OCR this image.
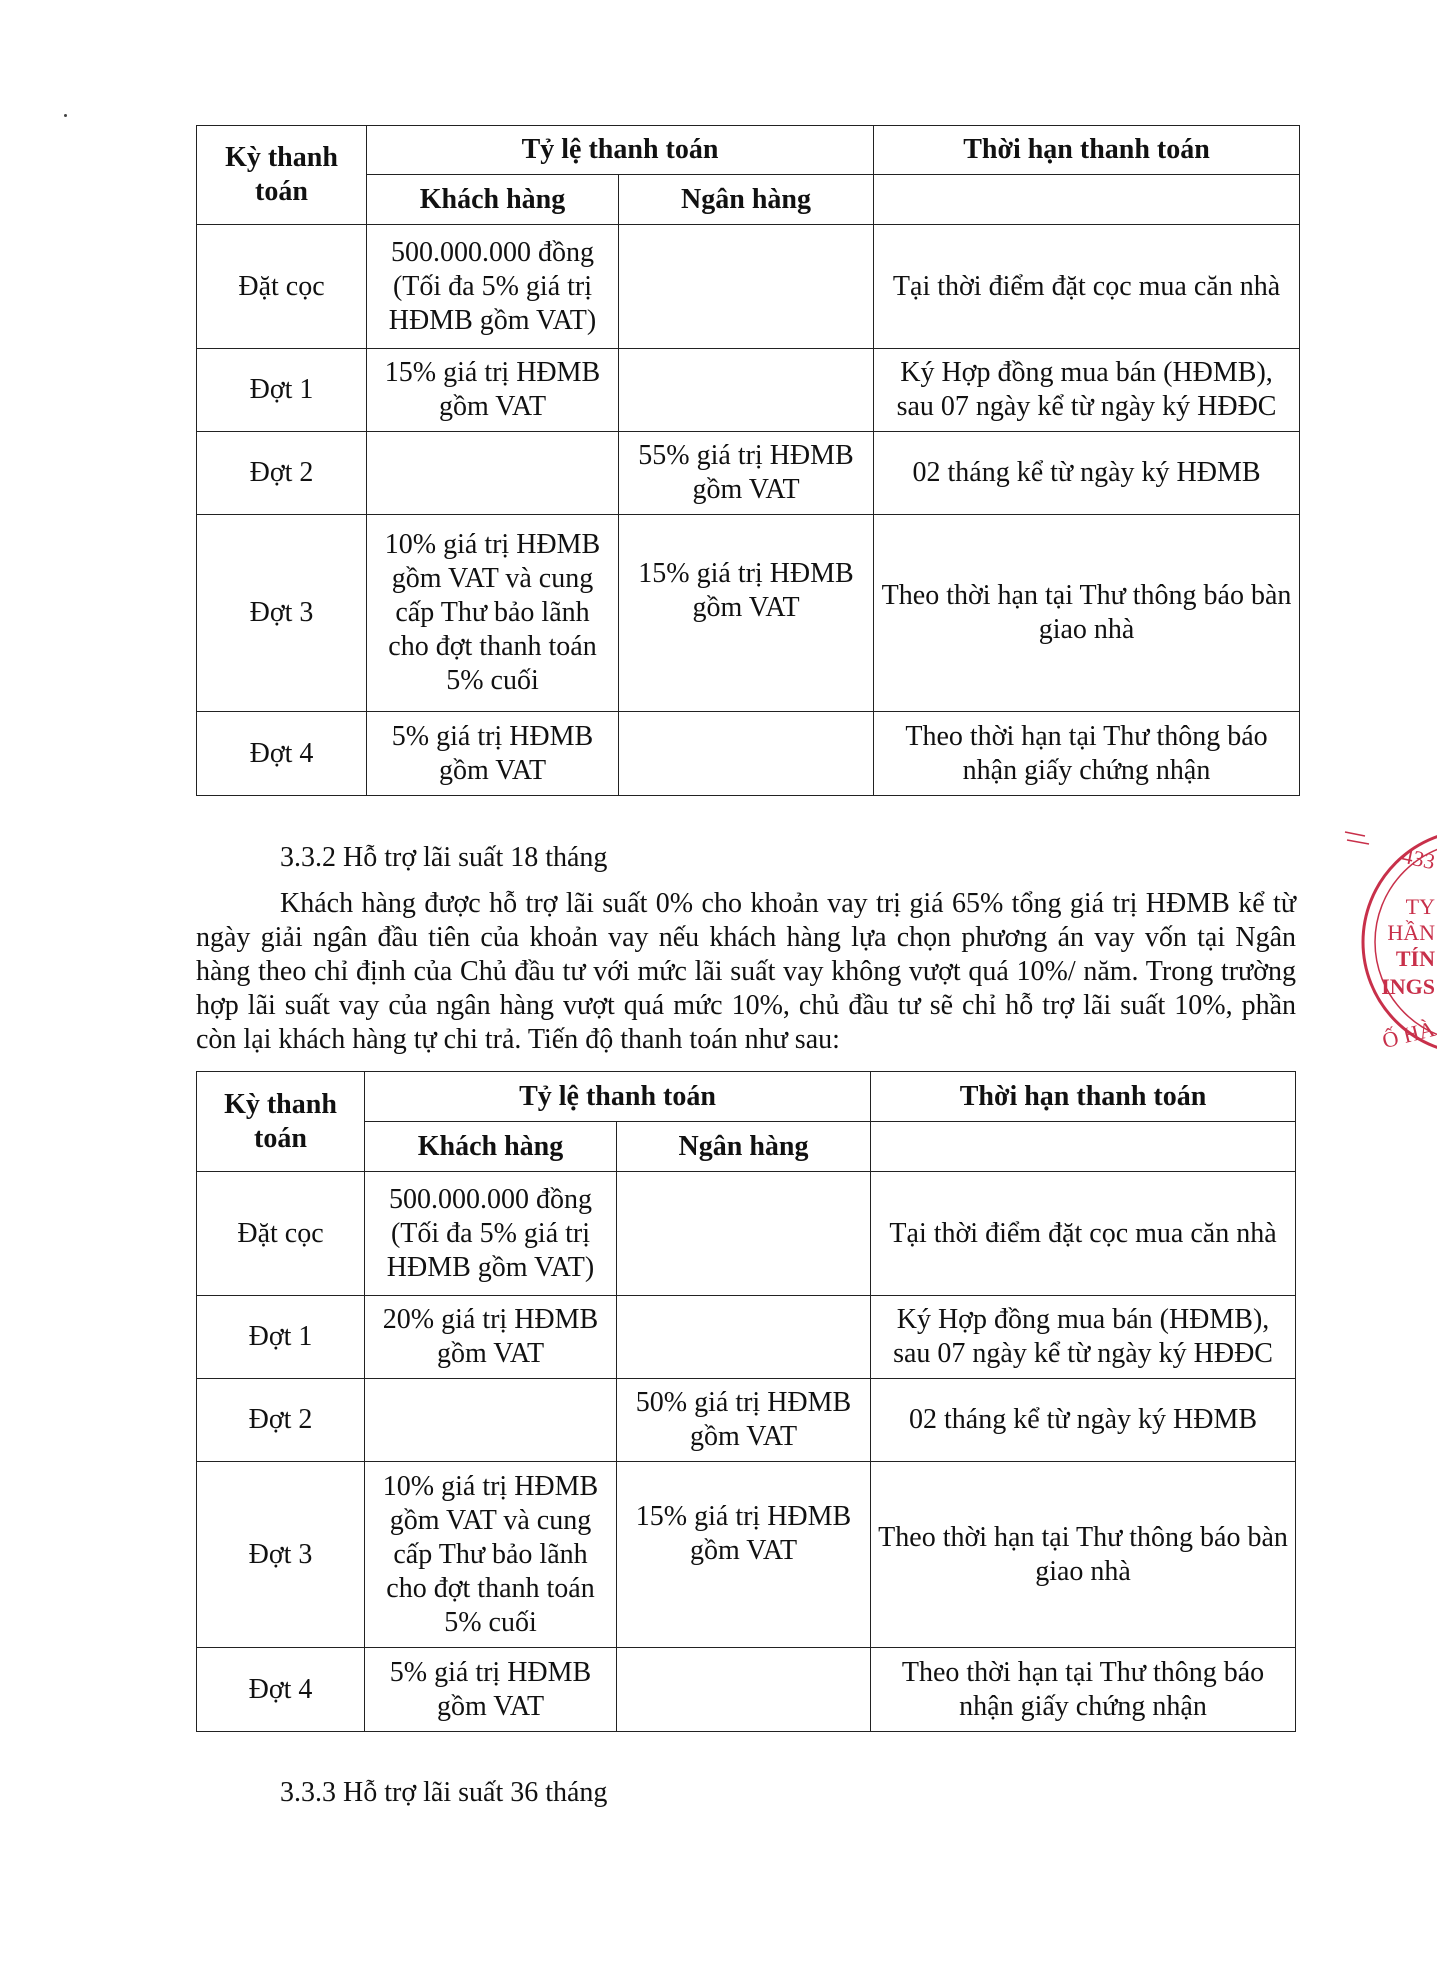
Kỳ thanh toán	Tỷ lệ thanh toán		Thời hạn thanh toán
	Khách hàng	Ngân hàng	
Đặt cọc	500.000.000 đồng (Tối đa 5% giá trị HĐMB gồm VAT)		Tại thời điểm đặt cọc mua căn nhà
Đợt 1	15% giá trị HĐMB gồm VAT		Ký Hợp đồng mua bán (HĐMB), sau 07 ngày kể từ ngày ký HĐĐC
Đợt 2		55% giá trị HĐMB gồm VAT	02 tháng kể từ ngày ký HĐMB
Đợt 3	10% giá trị HĐMB gồm VAT và cung cấp Thư bảo lãnh cho đợt thanh toán 5% cuối	15% giá trị HĐMB gồm VAT	Theo thời hạn tại Thư thông báo bàn giao nhà
Đợt 4	5% giá trị HĐMB gồm VAT		Theo thời hạn tại Thư thông báo nhận giấy chứng nhận

3.3.2 Hỗ trợ lãi suất 18 tháng

Khách hàng được hỗ trợ lãi suất 0% cho khoản vay trị giá 65% tổng giá trị HĐMB kể từ ngày giải ngân đầu tiên của khoản vay nếu khách hàng lựa chọn phương án vay vốn tại Ngân hàng theo chỉ định của Chủ đầu tư với mức lãi suất vay không vượt quá 10%/ năm. Trong trường hợp lãi suất vay của ngân hàng vượt quá mức 10%, chủ đầu tư sẽ chỉ hỗ trợ lãi suất 10%, phần còn lại khách hàng tự chi trả. Tiến độ thanh toán như sau:

Kỳ thanh toán	Tỷ lệ thanh toán		Thời hạn thanh toán
	Khách hàng	Ngân hàng	
Đặt cọc	500.000.000 đồng (Tối đa 5% giá trị HĐMB gồm VAT)		Tại thời điểm đặt cọc mua căn nhà
Đợt 1	20% giá trị HĐMB gồm VAT		Ký Hợp đồng mua bán (HĐMB), sau 07 ngày kể từ ngày ký HĐĐC
Đợt 2		50% giá trị HĐMB gồm VAT	02 tháng kể từ ngày ký HĐMB
Đợt 3	10% giá trị HĐMB gồm VAT và cung cấp Thư bảo lãnh cho đợt thanh toán 5% cuối	15% giá trị HĐMB gồm VAT	Theo thời hạn tại Thư thông báo bàn giao nhà
Đợt 4	5% giá trị HĐMB gồm VAT		Theo thời hạn tại Thư thông báo nhận giấy chứng nhận

3.3.3 Hỗ trợ lãi suất 36 tháng

433
TY
HẦN
TÍN
INGS
Ố HÀ
